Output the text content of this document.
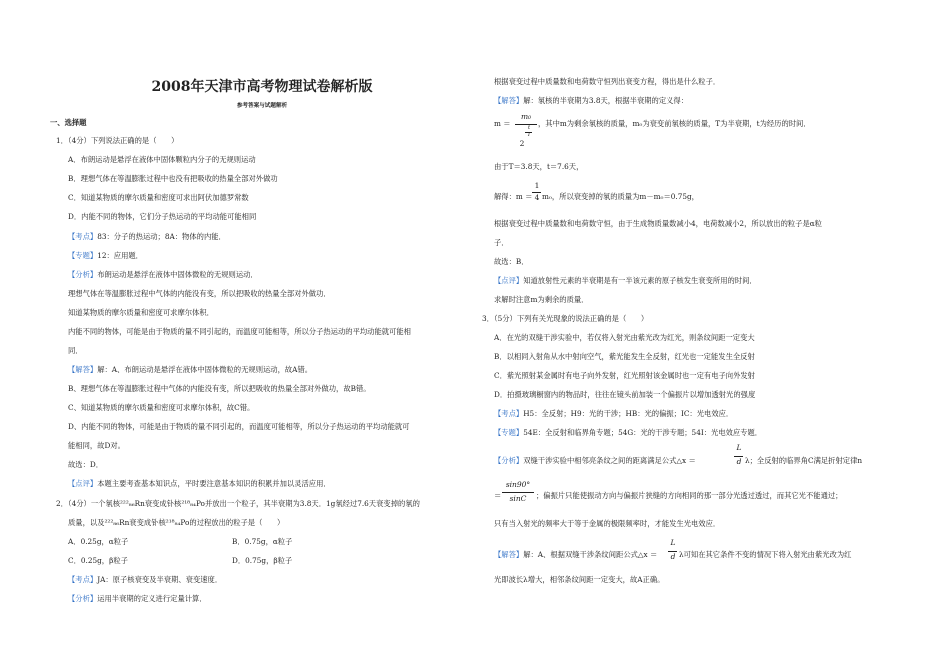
2008年天津市高考物理试卷解析版
参考答案与试题解析
一、选择题
1．（4分）下列说法正确的是（　　）
A．布朗运动是悬浮在液体中固体颗粒内分子的无规则运动
B．理想气体在等温膨胀过程中也没有把吸收的热量全部对外做功
C．知道某物质的摩尔质量和密度可求出阿伏加德罗常数
D．内能不同的物体，它们分子热运动的平均动能可能相同
【考点】83：分子的热运动；8A：物体的内能．
【专题】12：应用题．
【分析】布朗运动是悬浮在液体中固体微粒的无规则运动．
理想气体在等温膨胀过程中气体的内能没有变，所以把吸收的热量全部对外做功．
知道某物质的摩尔质量和密度可求摩尔体积．
内能不同的物体，可能是由于物质的量不同引起的，而温度可能相等，所以分子热运动的平均动能就可能相
同．
【解答】解：A、布朗运动是悬浮在液体中固体微粒的无规则运动，故A错。
B、理想气体在等温膨胀过程中气体的内能没有变，所以把吸收的热量全部对外做功，故B错。
C、知道某物质的摩尔质量和密度可求摩尔体积，故C错。
D、内能不同的物体，可能是由于物质的量不同引起的，而温度可能相等，所以分子热运动的平均动能就可
能相同，故D对。
故选：D．
【点评】本题主要考查基本知识点，平时要注意基本知识的积累并加以灵活应用．
2．（4分）一个氡核²²²₈₆Rn衰变成钋核²¹⁸₈₄Po并放出一个粒子，其半衰期为3.8天．1g氡经过7.6天衰变掉的氡的
质量，以及²²²₈₆Rn衰变成钋核²¹⁸₈₄Po的过程放出的粒子是（　　）
A．0.25g，α粒子	B．0.75g，α粒子
C．0.25g，β粒子	D．0.75g，β粒子
【考点】JA：原子核衰变及半衰期、衰变速度．
【分析】运用半衰期的定义进行定量计算．
根据衰变过程中质量数和电荷数守恒列出衰变方程，得出是什么粒子．
【解答】解：氡核的半衰期为3.8天，根据半衰期的定义得：
m₀
t
T
m ＝
2
，其中m为剩余氡核的质量，m₀为衰变前氡核的质量，T为半衰期，t为经历的时间．
由于T＝3.8天，t＝7.6天，
解得：m ＝
1
4 m₀，所以衰变掉的氡的质量为m－m₀＝0.75g，
根据衰变过程中质量数和电荷数守恒，由于生成物质量数减小4，电荷数减小2，所以放出的粒子是α粒
子．
故选：B．
【点评】知道放射性元素的半衰期是有一半该元素的原子核发生衰变所用的时间．
求解时注意m为剩余的质量．
3．（5分）下列有关光现象的说法正确的是（　　）
A．在光的双缝干涉实验中，若仅将入射光由紫光改为红光，则条纹间距一定变大
B．以相同入射角从水中射向空气，紫光能发生全反射，红光也一定能发生全反射
C．紫光照射某金属时有电子向外发射，红光照射该金属时也一定有电子向外发射
D．拍摄玻璃橱窗内的物品时，往往在镜头前加装一个偏振片以增加透射光的强度
【考点】H5：全反射；H9：光的干涉；HB：光的偏振；IC：光电效应．
【专题】54E：全反射和临界角专题；54G：光的干涉专题；54I：光电效应专题．
【分析】双缝干涉实验中相邻亮条纹之间的距离满足公式△x ＝
L
d λ；全反射的临界角C满足折射定律n
＝
sin90°
sinC	；偏振片只能使振动方向与偏振片狭缝的方向相同的那一部分光透过透过，而其它光不能通过；
只有当入射光的频率大于等于金属的极限频率时，才能发生光电效应．
【解答】解：A、根据双缝干涉条纹间距公式△x ＝
L
d λ可知在其它条件不变的情况下将入射光由紫光改为红
光即波长λ增大，相邻条纹间距一定变大，故A正确。
